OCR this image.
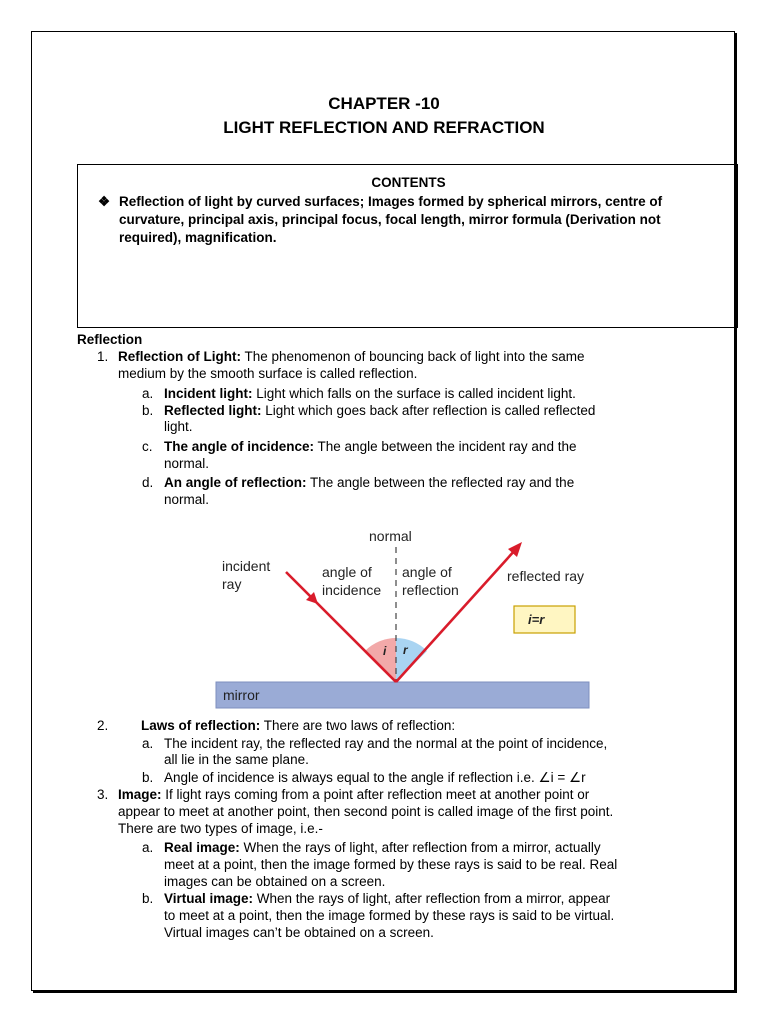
CHAPTER -10
LIGHT REFLECTION AND REFRACTION
CONTENTS
❖ Reflection of light by curved surfaces; Images formed by spherical mirrors, centre of curvature, principal axis, principal focus, focal length, mirror formula (Derivation not required), magnification.
Reflection
1. Reflection of Light: The phenomenon of bouncing back of light into the same
medium by the smooth surface is called reflection.
a. Incident light: Light which falls on the surface is called incident light.
b. Reflected light: Light which goes back after reflection is called reflected
light.
c. The angle of incidence: The angle between the incident ray and the
normal.
d. An angle of reflection: The angle between the reflected ray and the
normal.
normal
incident
ray
angle of
incidence
angle of
reflection
reflected ray
i=r
i r
mirror
2. Laws of reflection: There are two laws of reflection:
a. The incident ray, the reflected ray and the normal at the point of incidence,
all lie in the same plane.
b. Angle of incidence is always equal to the angle if reflection i.e. ∠i = ∠r
3. Image: If light rays coming from a point after reflection meet at another point or
appear to meet at another point, then second point is called image of the first point.
There are two types of image, i.e.-
a. Real image: When the rays of light, after reflection from a mirror, actually
meet at a point, then the image formed by these rays is said to be real. Real
images can be obtained on a screen.
b. Virtual image: When the rays of light, after reflection from a mirror, appear
to meet at a point, then the image formed by these rays is said to be virtual.
Virtual images can’t be obtained on a screen.
